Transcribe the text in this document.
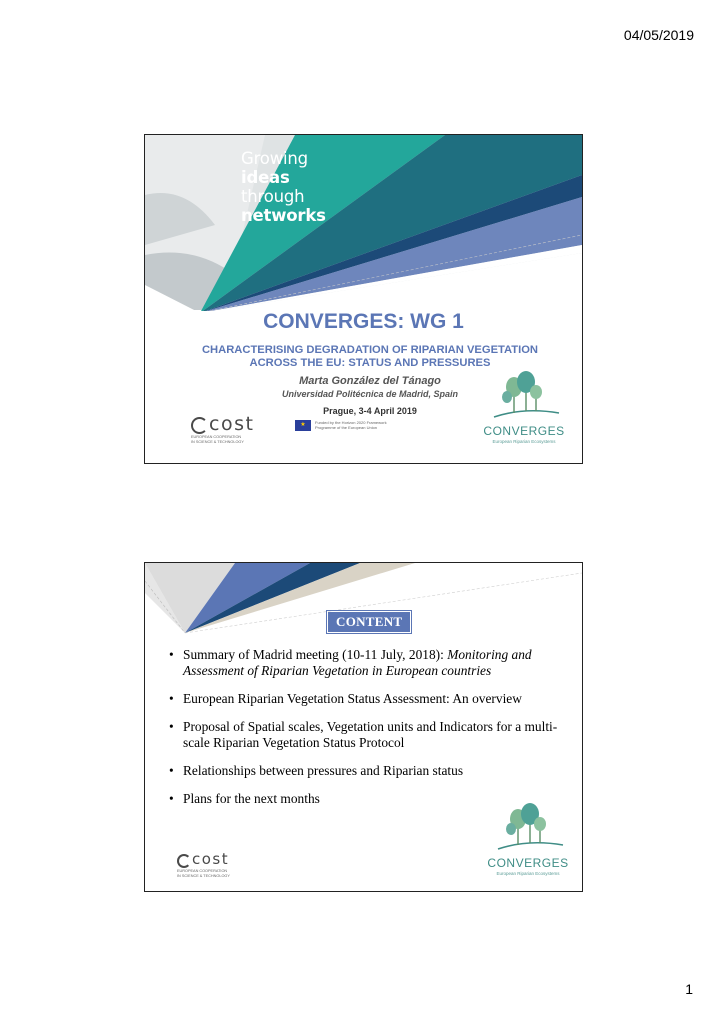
04/05/2019
Growing
ideas
through
networks
CONVERGES: WG 1
CHARACTERISING DEGRADATION OF RIPARIAN VEGETATION
ACROSS THE EU: STATUS AND PRESSURES
Marta González del Tánago
Universidad Politécnica de Madrid, Spain
Prague, 3-4 April 2019
cost
EUROPEAN COOPERATION
IN SCIENCE & TECHNOLOGY
★	Funded by the Horizon 2020 Framework Programme of the European Union	CONVERGES
European Riparian Ecosystems
CONTENT
• Summary of Madrid meeting (10-11 July, 2018): Monitoring and Assessment of Riparian Vegetation in European countries
• European Riparian Vegetation Status Assessment: An overview
• Proposal of Spatial scales, Vegetation units and Indicators for a multi-scale Riparian Vegetation Status Protocol
• Relationships between pressures and Riparian status
• Plans for the next months
cost
EUROPEAN COOPERATION
IN SCIENCE & TECHNOLOGY
CONVERGES
European Riparian Ecosystems
1
